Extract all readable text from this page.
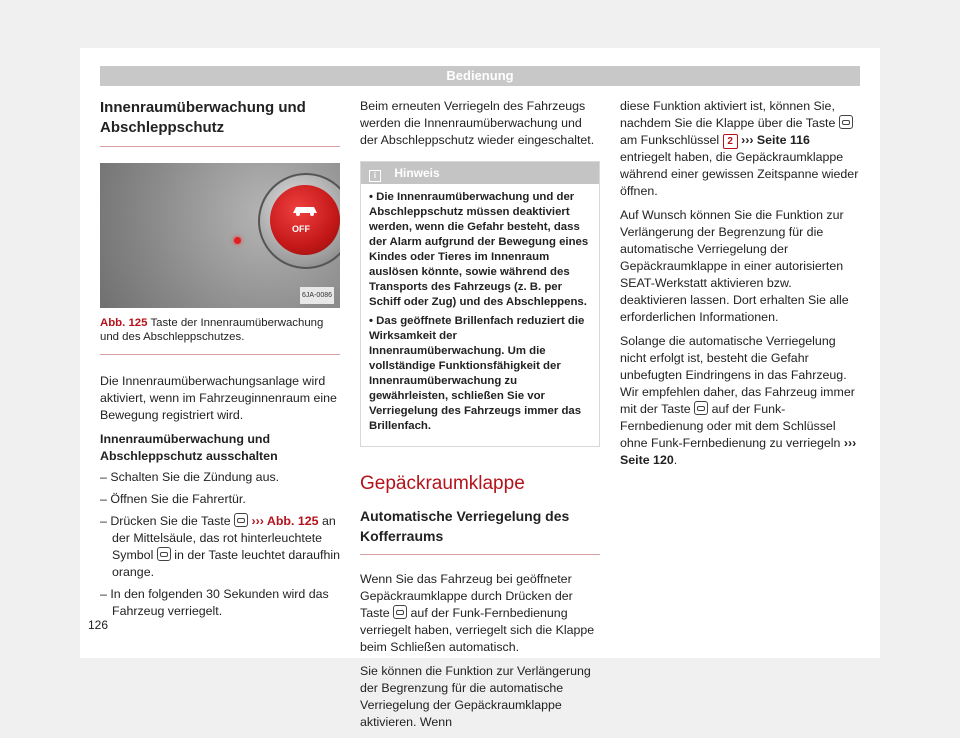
Bedienung
Innenraumüberwachung und Abschleppschutz
OFF
6JA-0086
Abb. 125 Taste der Innenraumüberwachung und des Abschleppschutzes.

Die Innenraumüberwachungsanlage wird aktiviert, wenn im Fahrzeuginnenraum eine Bewegung registriert wird.

Innenraumüberwachung und Abschleppschutz ausschalten

– Schalten Sie die Zündung aus.
– Öffnen Sie die Fahrertür.
– Drücken Sie die Taste ››› Abb. 125 an der Mittelsäule, das rot hinterleuchtete Symbol in der Taste leuchtet daraufhin orange.
– In den folgenden 30 Sekunden wird das Fahrzeug verriegelt.

Beim erneuten Verriegeln des Fahrzeugs werden die Innenraumüberwachung und der Abschleppschutz wieder eingeschaltet.

i Hinweis

• Die Innenraumüberwachung und der Abschleppschutz müssen deaktiviert werden, wenn die Gefahr besteht, dass der Alarm aufgrund der Bewegung eines Kindes oder Tieres im Innenraum auslösen könnte, sowie während des Transports des Fahrzeugs (z. B. per Schiff oder Zug) und des Abschleppens.

• Das geöffnete Brillenfach reduziert die Wirksamkeit der Innenraumüberwachung. Um die vollständige Funktionsfähigkeit der Innenraumüberwachung zu gewährleisten, schließen Sie vor Verriegelung des Fahrzeugs immer das Brillenfach.

Gepäckraumklappe
Automatische Verriegelung des Kofferraums

Wenn Sie das Fahrzeug bei geöffneter Gepäckraumklappe durch Drücken der Taste auf der Funk-Fernbedienung verriegelt haben, verriegelt sich die Klappe beim Schließen automatisch.

Sie können die Funktion zur Verlängerung der Begrenzung für die automatische Verriegelung der Gepäckraumklappe aktivieren. Wenn

diese Funktion aktiviert ist, können Sie, nachdem Sie die Klappe über die Taste  am Funkschlüssel 2 ››› Seite 116 entriegelt haben, die Gepäckraumklappe während einer gewissen Zeitspanne wieder öffnen.

Auf Wunsch können Sie die Funktion zur Verlängerung der Begrenzung für die automatische Verriegelung der Gepäckraumklappe in einer autorisierten SEAT-Werkstatt aktivieren bzw. deaktivieren lassen. Dort erhalten Sie alle erforderlichen Informationen.

Solange die automatische Verriegelung nicht erfolgt ist, besteht die Gefahr unbefugten Eindringens in das Fahrzeug. Wir empfehlen daher, das Fahrzeug immer mit der Taste auf der Funk-Fernbedienung oder mit dem Schlüssel ohne Funk-Fernbedienung zu verriegeln ››› Seite 120.

126
